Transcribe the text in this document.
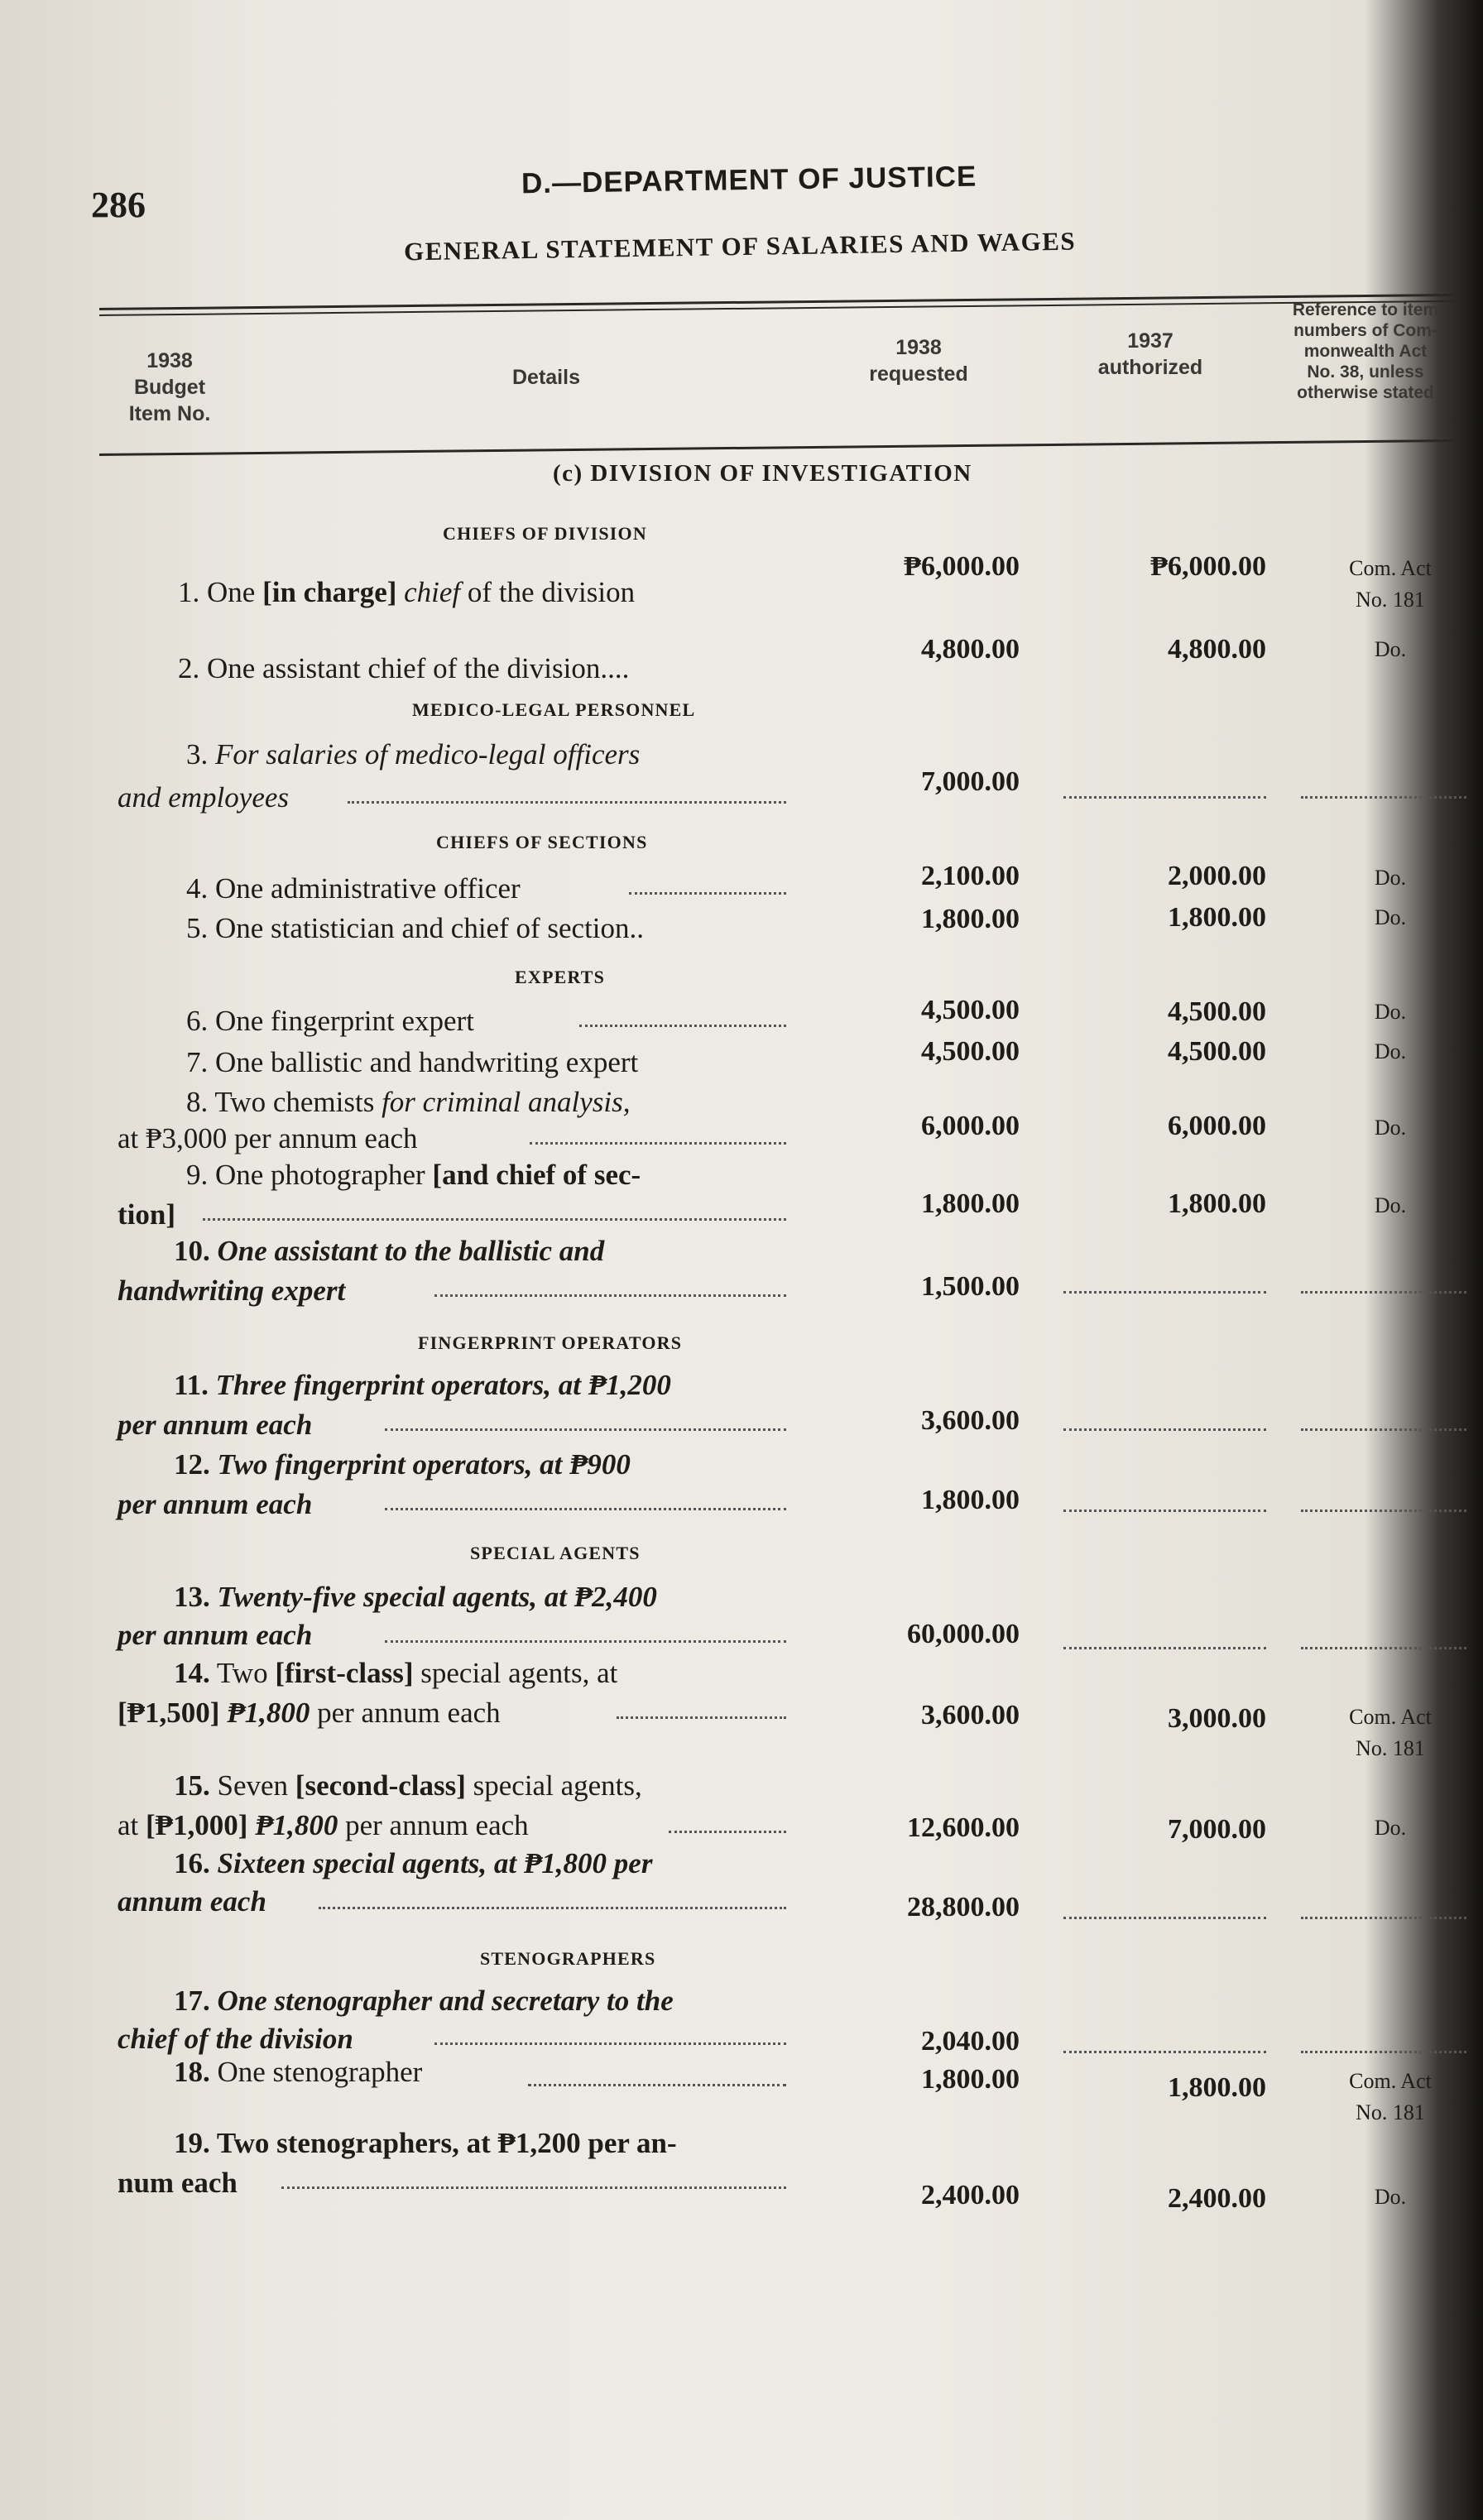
286
D.—DEPARTMENT OF JUSTICE
GENERAL STATEMENT OF SALARIES AND WAGES
1938
Budget
Item No.
Details
1938
requested
1937
authorized
Reference to item
numbers of Com-
monwealth Act
No. 38, unless
otherwise stated
(c) DIVISION OF INVESTIGATION
CHIEFS OF DIVISION
1. One [in charge] chief of the division
₱6,000.00	₱6,000.00	Com. Act
No. 181
2. One assistant chief of the division....
4,800.00	4,800.00	Do.
MEDICO-LEGAL PERSONNEL
3. For salaries of medico-legal officers
and employees	7,000.00
CHIEFS OF SECTIONS
4. One administrative officer	2,100.00	2,000.00	Do.
5. One statistician and chief of section..	1,800.00	1,800.00	Do.
EXPERTS
6. One fingerprint expert	4,500.00	4,500.00	Do.
7. One ballistic and handwriting expert	4,500.00	4,500.00	Do.
8. Two chemists for criminal analysis,
at ₱3,000 per annum each	6,000.00	6,000.00	Do.
9. One photographer [and chief of sec-
tion]	1,800.00	1,800.00	Do.
10. One assistant to the ballistic and
handwriting expert	1,500.00
FINGERPRINT OPERATORS
11. Three fingerprint operators, at ₱1,200
per annum each	3,600.00
12. Two fingerprint operators, at ₱900
per annum each	1,800.00
SPECIAL AGENTS
13. Twenty-five special agents, at ₱2,400
per annum each	60,000.00
14. Two [first-class] special agents, at
[₱1,500] ₱1,800 per annum each	3,600.00	3,000.00	Com. Act
No. 181
15. Seven [second-class] special agents,
at [₱1,000] ₱1,800 per annum each	12,600.00	7,000.00	Do.
16. Sixteen special agents, at ₱1,800 per
annum each	28,800.00
STENOGRAPHERS
17. One stenographer and secretary to the
chief of the division	2,040.00
18. One stenographer	1,800.00	1,800.00	Com. Act
No. 181
19. Two stenographers, at ₱1,200 per an-
num each	2,400.00	2,400.00	Do.
